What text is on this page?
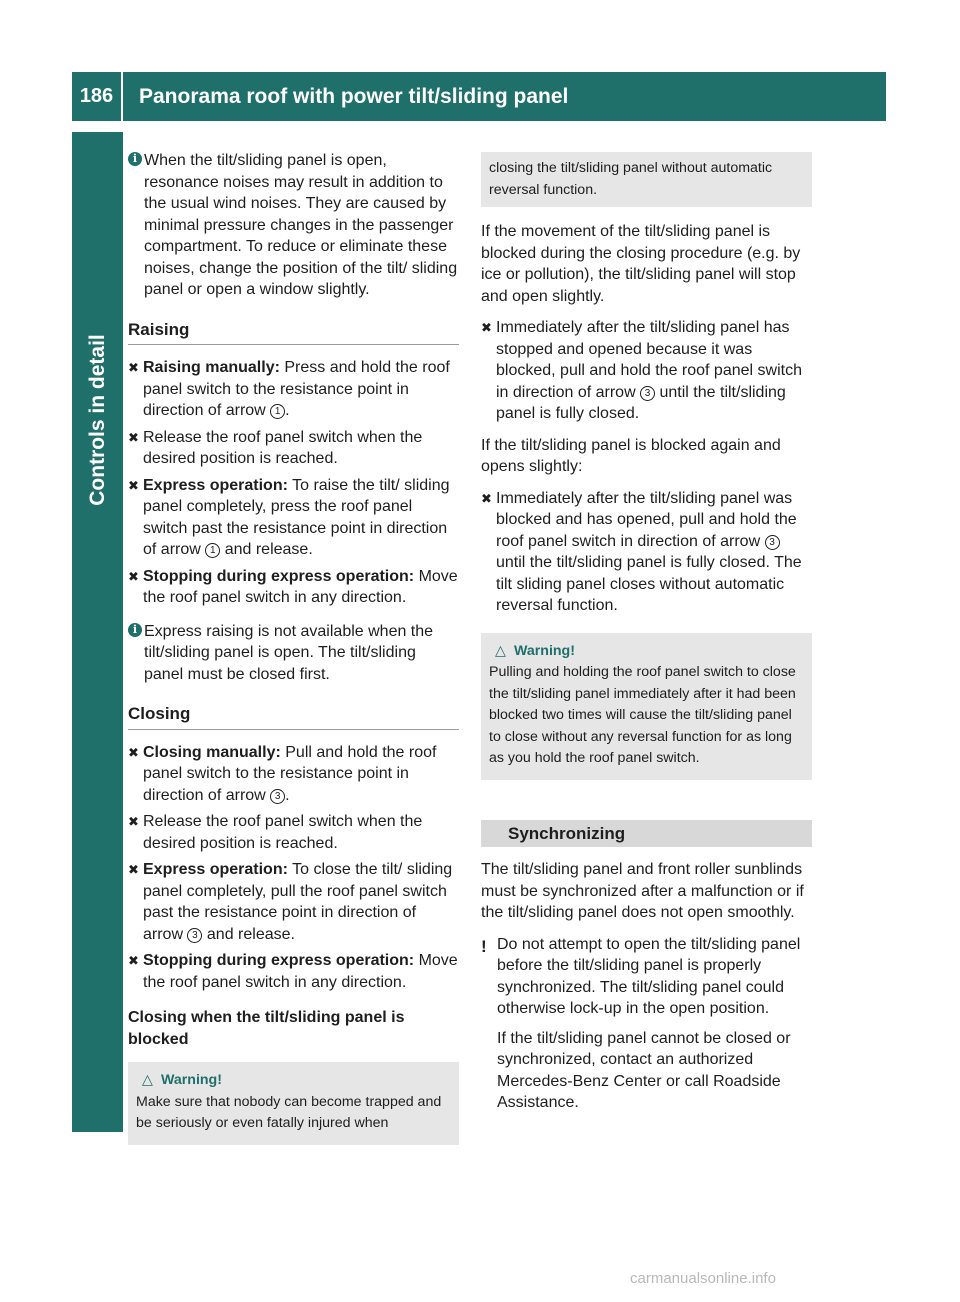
186	Panorama roof with power tilt/sliding panel
Controls in detail
i When the tilt/sliding panel is open, resonance noises may result in addition to the usual wind noises. They are caused by minimal pressure changes in the passenger compartment. To reduce or eliminate these noises, change the position of the tilt/ sliding panel or open a window slightly.
Raising
✖ Raising manually: Press and hold the roof panel switch to the resistance point in direction of arrow 1 .
✖ Release the roof panel switch when the desired position is reached.
✖ Express operation: To raise the tilt/ sliding panel completely, press the roof panel switch past the resistance point in direction of arrow 1 and release.
✖ Stopping during express operation: Move the roof panel switch in any direction.
i Express raising is not available when the tilt/sliding panel is open. The tilt/sliding panel must be closed first.
Closing
✖ Closing manually: Pull and hold the roof panel switch to the resistance point in direction of arrow 3 .
✖ Release the roof panel switch when the desired position is reached.
✖ Express operation: To close the tilt/ sliding panel completely, pull the roof panel switch past the resistance point in direction of arrow 3 and release.
✖ Stopping during express operation: Move the roof panel switch in any direction.
Closing when the tilt/sliding panel is blocked
△ Warning!
Make sure that nobody can become trapped and be seriously or even fatally injured when
closing the tilt/sliding panel without automatic reversal function.

If the movement of the tilt/sliding panel is blocked during the closing procedure (e.g. by ice or pollution), the tilt/sliding panel will stop and open slightly.

✖ Immediately after the tilt/sliding panel has stopped and opened because it was blocked, pull and hold the roof panel switch in direction of arrow 3 until the tilt/sliding panel is fully closed.

If the tilt/sliding panel is blocked again and opens slightly:

✖ Immediately after the tilt/sliding panel was blocked and has opened, pull and hold the roof panel switch in direction of arrow 3 until the tilt/sliding panel is fully closed. The tilt sliding panel closes without automatic reversal function.
△ Warning!
Pulling and holding the roof panel switch to close the tilt/sliding panel immediately after it had been blocked two times will cause the tilt/sliding panel to close without any reversal function for as long as you hold the roof panel switch.
Synchronizing

The tilt/sliding panel and front roller sunblinds must be synchronized after a malfunction or if the tilt/sliding panel does not open smoothly.

! Do not attempt to open the tilt/sliding panel before the tilt/sliding panel is properly synchronized. The tilt/sliding panel could otherwise lock-up in the open position.
If the tilt/sliding panel cannot be closed or synchronized, contact an authorized Mercedes-Benz Center or call Roadside Assistance.
carmanualsonline.info
